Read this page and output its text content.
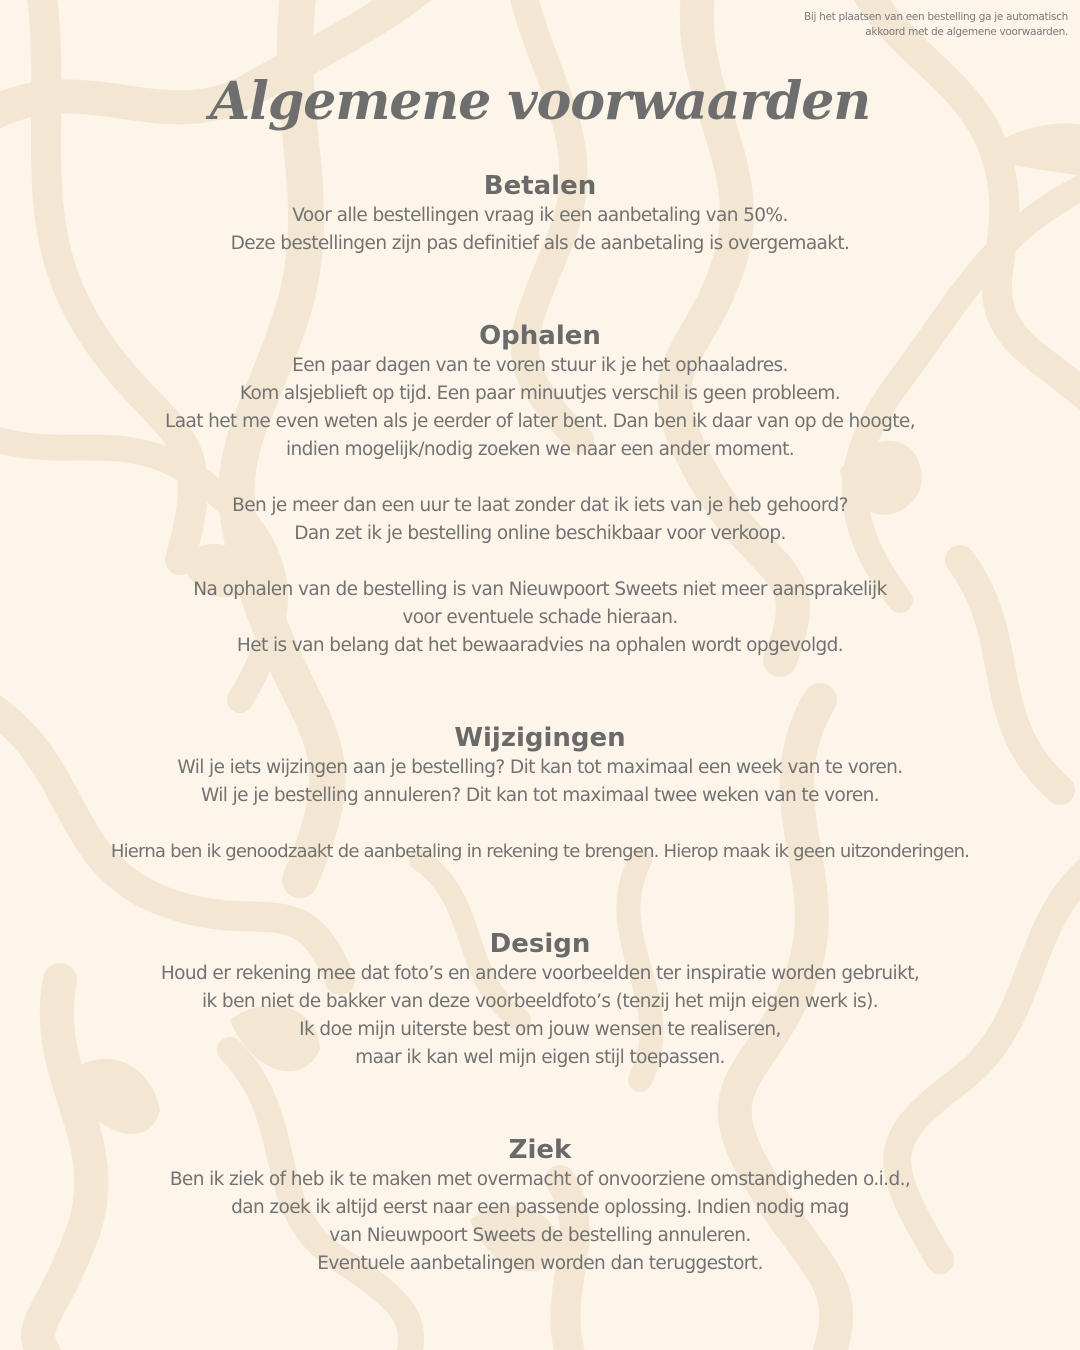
Bij het plaatsen van een bestelling ga je automatisch
akkoord met de algemene voorwaarden.
Algemene voorwaarden
Betalen

Voor alle bestellingen vraag ik een aanbetaling van 50%.
Deze bestellingen zijn pas definitief als de aanbetaling is overgemaakt.

Ophalen

Een paar dagen van te voren stuur ik je het ophaaladres.
Kom alsjeblieft op tijd. Een paar minuutjes verschil is geen probleem.
Laat het me even weten als je eerder of later bent. Dan ben ik daar van op de hoogte,
indien mogelijk/nodig zoeken we naar een ander moment.

Ben je meer dan een uur te laat zonder dat ik iets van je heb gehoord?
Dan zet ik je bestelling online beschikbaar voor verkoop.

Na ophalen van de bestelling is van Nieuwpoort Sweets niet meer aansprakelijk
voor eventuele schade hieraan.
Het is van belang dat het bewaaradvies na ophalen wordt opgevolgd.

Wijzigingen

Wil je iets wijzingen aan je bestelling? Dit kan tot maximaal een week van te voren.
Wil je je bestelling annuleren? Dit kan tot maximaal twee weken van te voren.

Hierna ben ik genoodzaakt de aanbetaling in rekening te brengen. Hierop maak ik geen uitzonderingen.

Design

Houd er rekening mee dat foto’s en andere voorbeelden ter inspiratie worden gebruikt,
ik ben niet de bakker van deze voorbeeldfoto’s (tenzij het mijn eigen werk is).
Ik doe mijn uiterste best om jouw wensen te realiseren,
maar ik kan wel mijn eigen stijl toepassen.

Ziek

Ben ik ziek of heb ik te maken met overmacht of onvoorziene omstandigheden o.i.d.,
dan zoek ik altijd eerst naar een passende oplossing. Indien nodig mag
van Nieuwpoort Sweets de bestelling annuleren.
Eventuele aanbetalingen worden dan teruggestort.
